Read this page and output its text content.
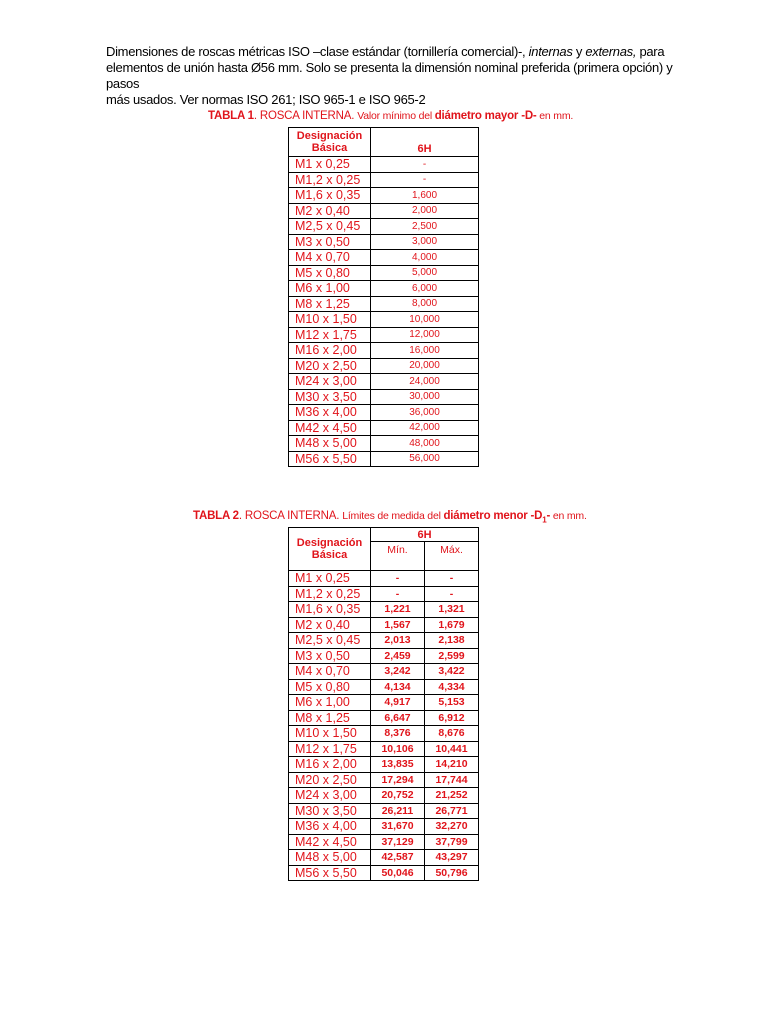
Dimensiones de roscas métricas ISO –clase estándar (tornillería comercial)-, internas y externas, para

elementos de unión hasta Ø56 mm. Solo se presenta la dimensión nominal preferida (primera opción) y pasos

más usados. Ver normas ISO 261; ISO 965-1 e ISO 965-2

TABLA 1. ROSCA INTERNA. Valor mínimo del diámetro mayor -D- en mm.
Designación Básica	6H
M1 x 0,25	-
M1,2 x 0,25	-
M1,6 x 0,35	1,600
M2 x 0,40	2,000
M2,5 x 0,45	2,500
M3 x 0,50	3,000
M4 x 0,70	4,000
M5 x 0,80	5,000
M6 x 1,00	6,000
M8 x 1,25	8,000
M10 x 1,50	10,000
M12 x 1,75	12,000
M16 x 2,00	16,000
M20 x 2,50	20,000
M24 x 3,00	24,000
M30 x 3,50	30,000
M36 x 4,00	36,000
M42 x 4,50	42,000
M48 x 5,00	48,000
M56 x 5,50	56,000
TABLA 2. ROSCA INTERNA. Límites de medida del diámetro menor $-D_1-$ en mm.
Designación Básica	6H	
	Mín.	Máx.
M1 x 0,25	-	-
M1,2 x 0,25	-	-
M1,6 x 0,35	1,221	1,321
M2 x 0,40	1,567	1,679
M2,5 x 0,45	2,013	2,138
M3 x 0,50	2,459	2,599
M4 x 0,70	3,242	3,422
M5 x 0,80	4,134	4,334
M6 x 1,00	4,917	5,153
M8 x 1,25	6,647	6,912
M10 x 1,50	8,376	8,676
M12 x 1,75	10,106	10,441
M16 x 2,00	13,835	14,210
M20 x 2,50	17,294	17,744
M24 x 3,00	20,752	21,252
M30 x 3,50	26,211	26,771
M36 x 4,00	31,670	32,270
M42 x 4,50	37,129	37,799
M48 x 5,00	42,587	43,297
M56 x 5,50	50,046	50,796
